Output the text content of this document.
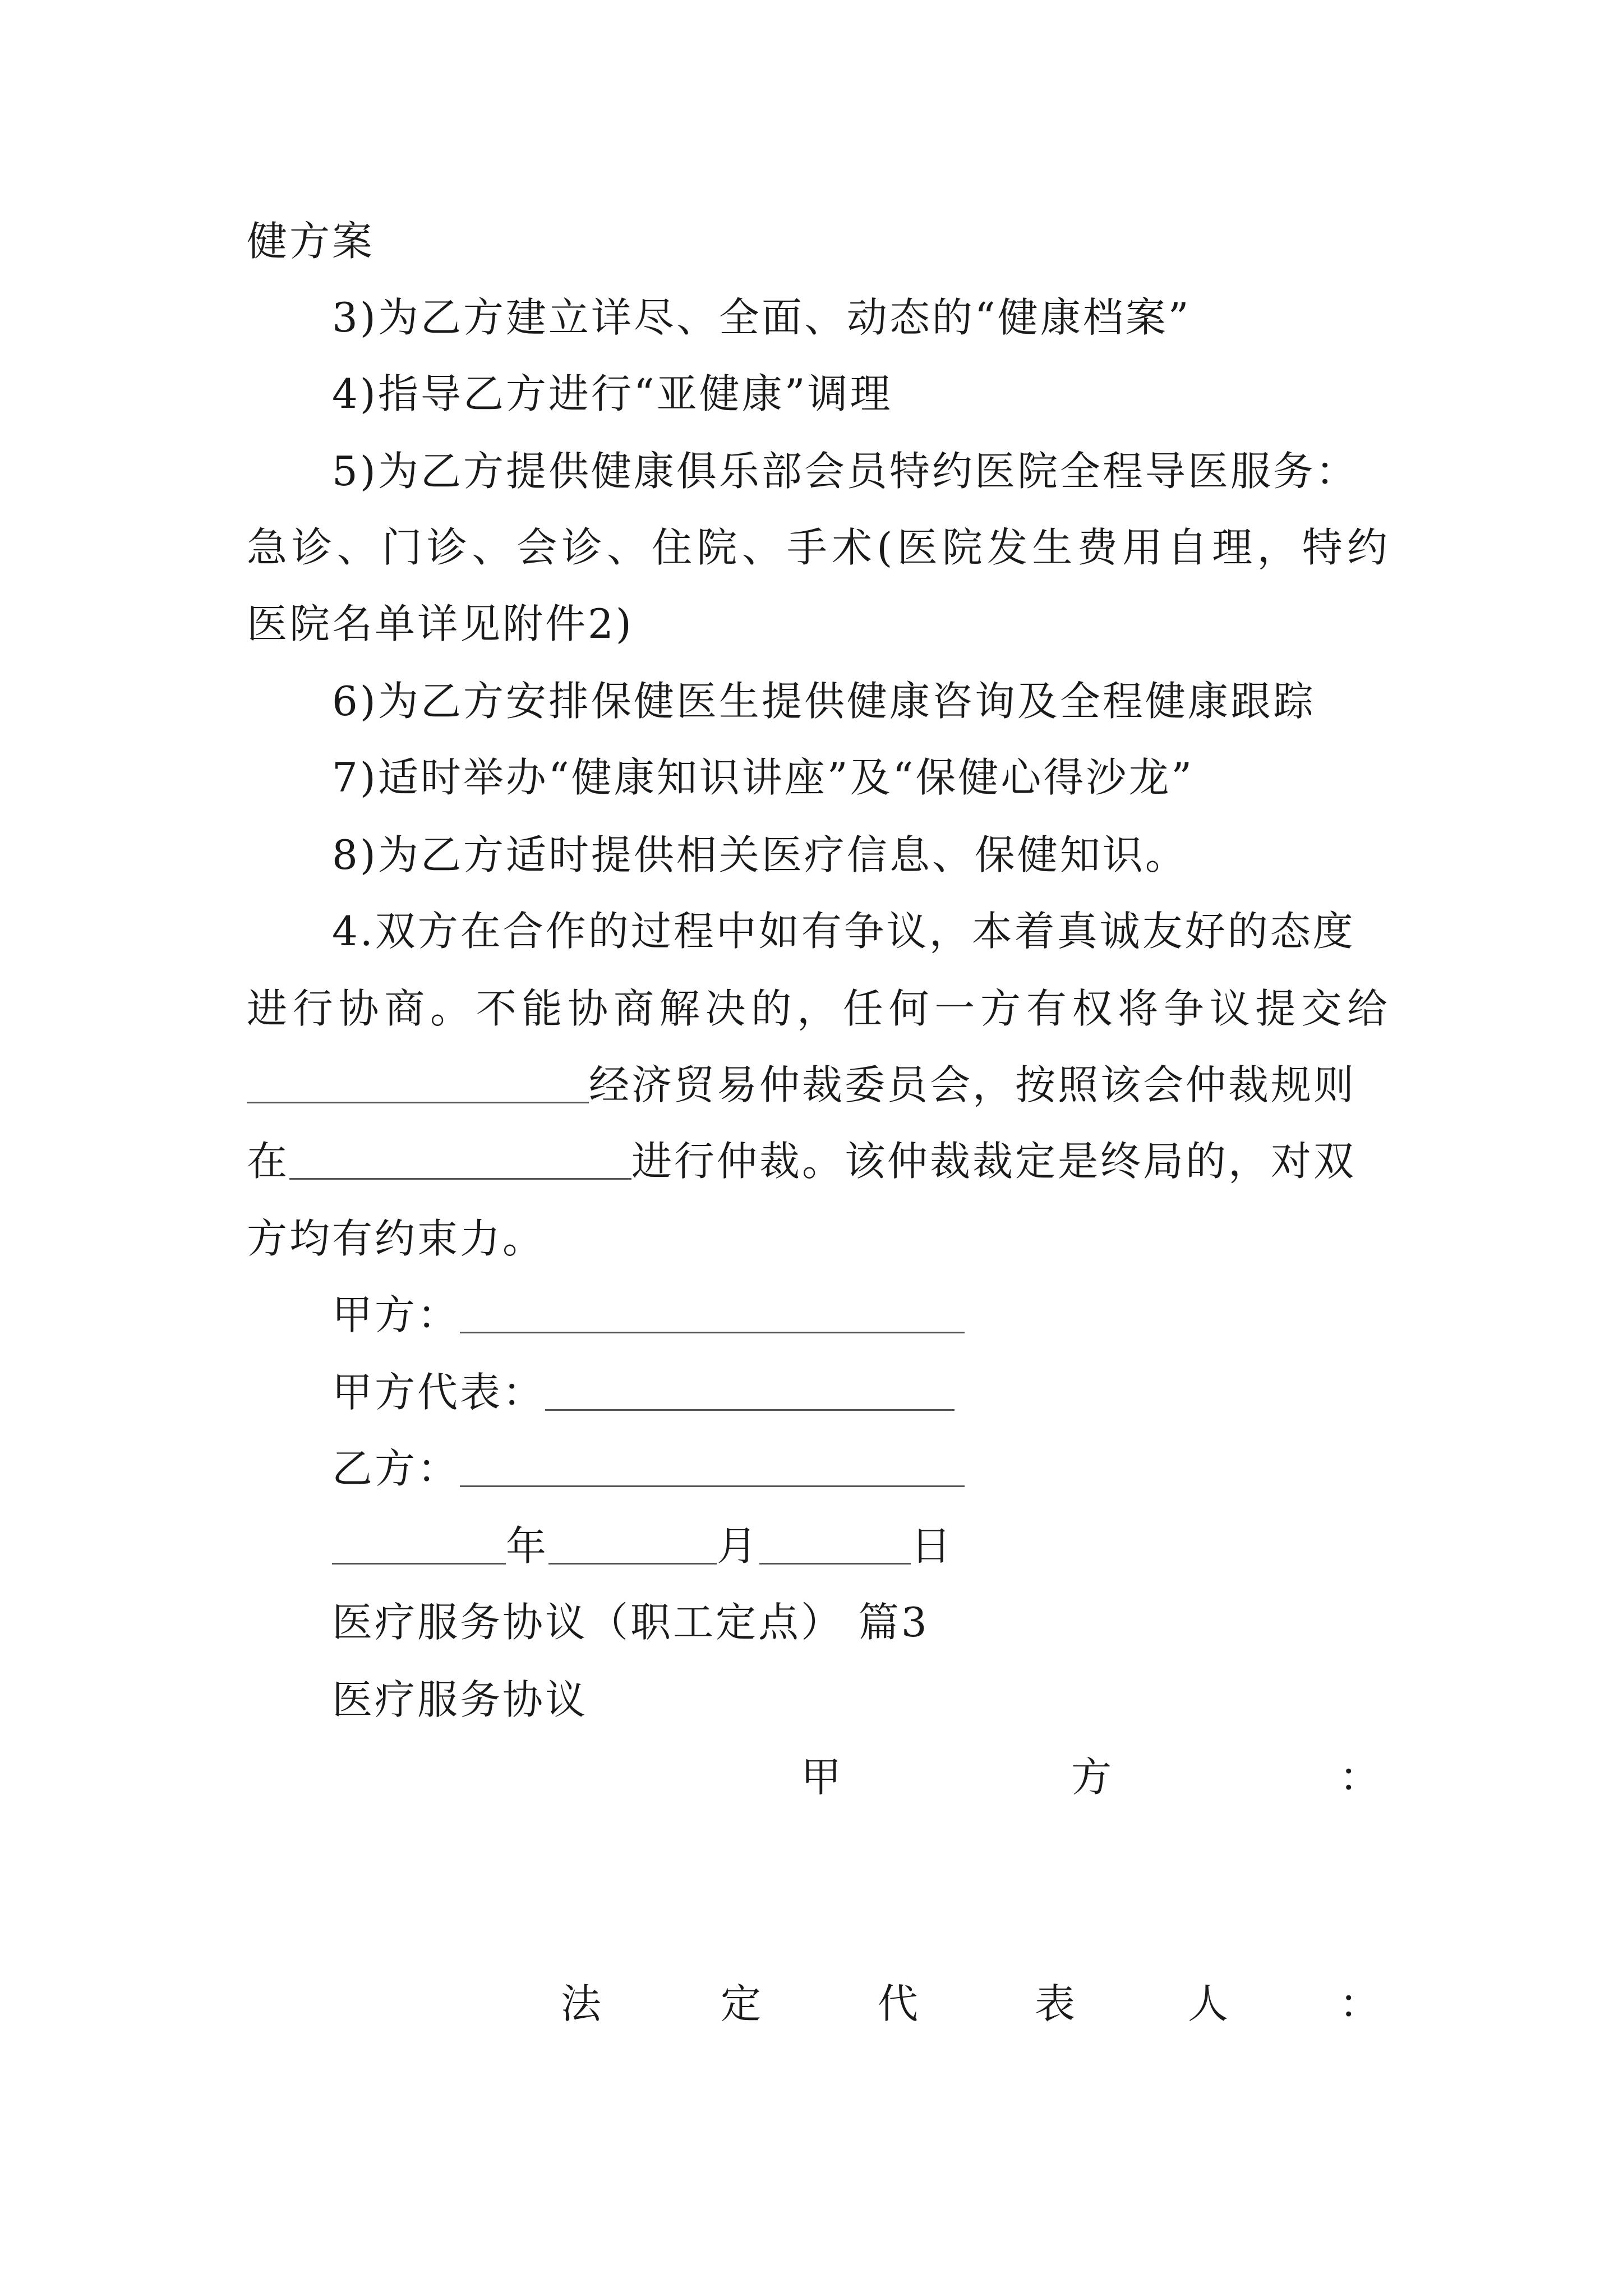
健方案
3)为乙方建立详尽、全面、动态的“健康档案”
4)指导乙方进行“亚健康”调理
5)为乙方提供健康俱乐部会员特约医院全程导医服务：
急诊、门诊、会诊、住院、手术(医院发生费用自理，特约
医院名单详见附件2)
6)为乙方安排保健医生提供健康咨询及全程健康跟踪
7)适时举办“健康知识讲座”及“保健心得沙龙”
8)为乙方适时提供相关医疗信息、保健知识。
4.双方在合作的过程中如有争议，本着真诚友好的态度
进行协商。不能协商解决的，任何一方有权将争议提交给
经济贸易仲裁委员会，按照该会仲裁规则
在	进行仲裁。该仲裁裁定是终局的，对双
方均有约束力。
甲方：
甲方代表：
乙方：
年	月	日
医疗服务协议（职工定点） 篇3
医疗服务协议
甲	方	：
法	定	代	表	人	：
